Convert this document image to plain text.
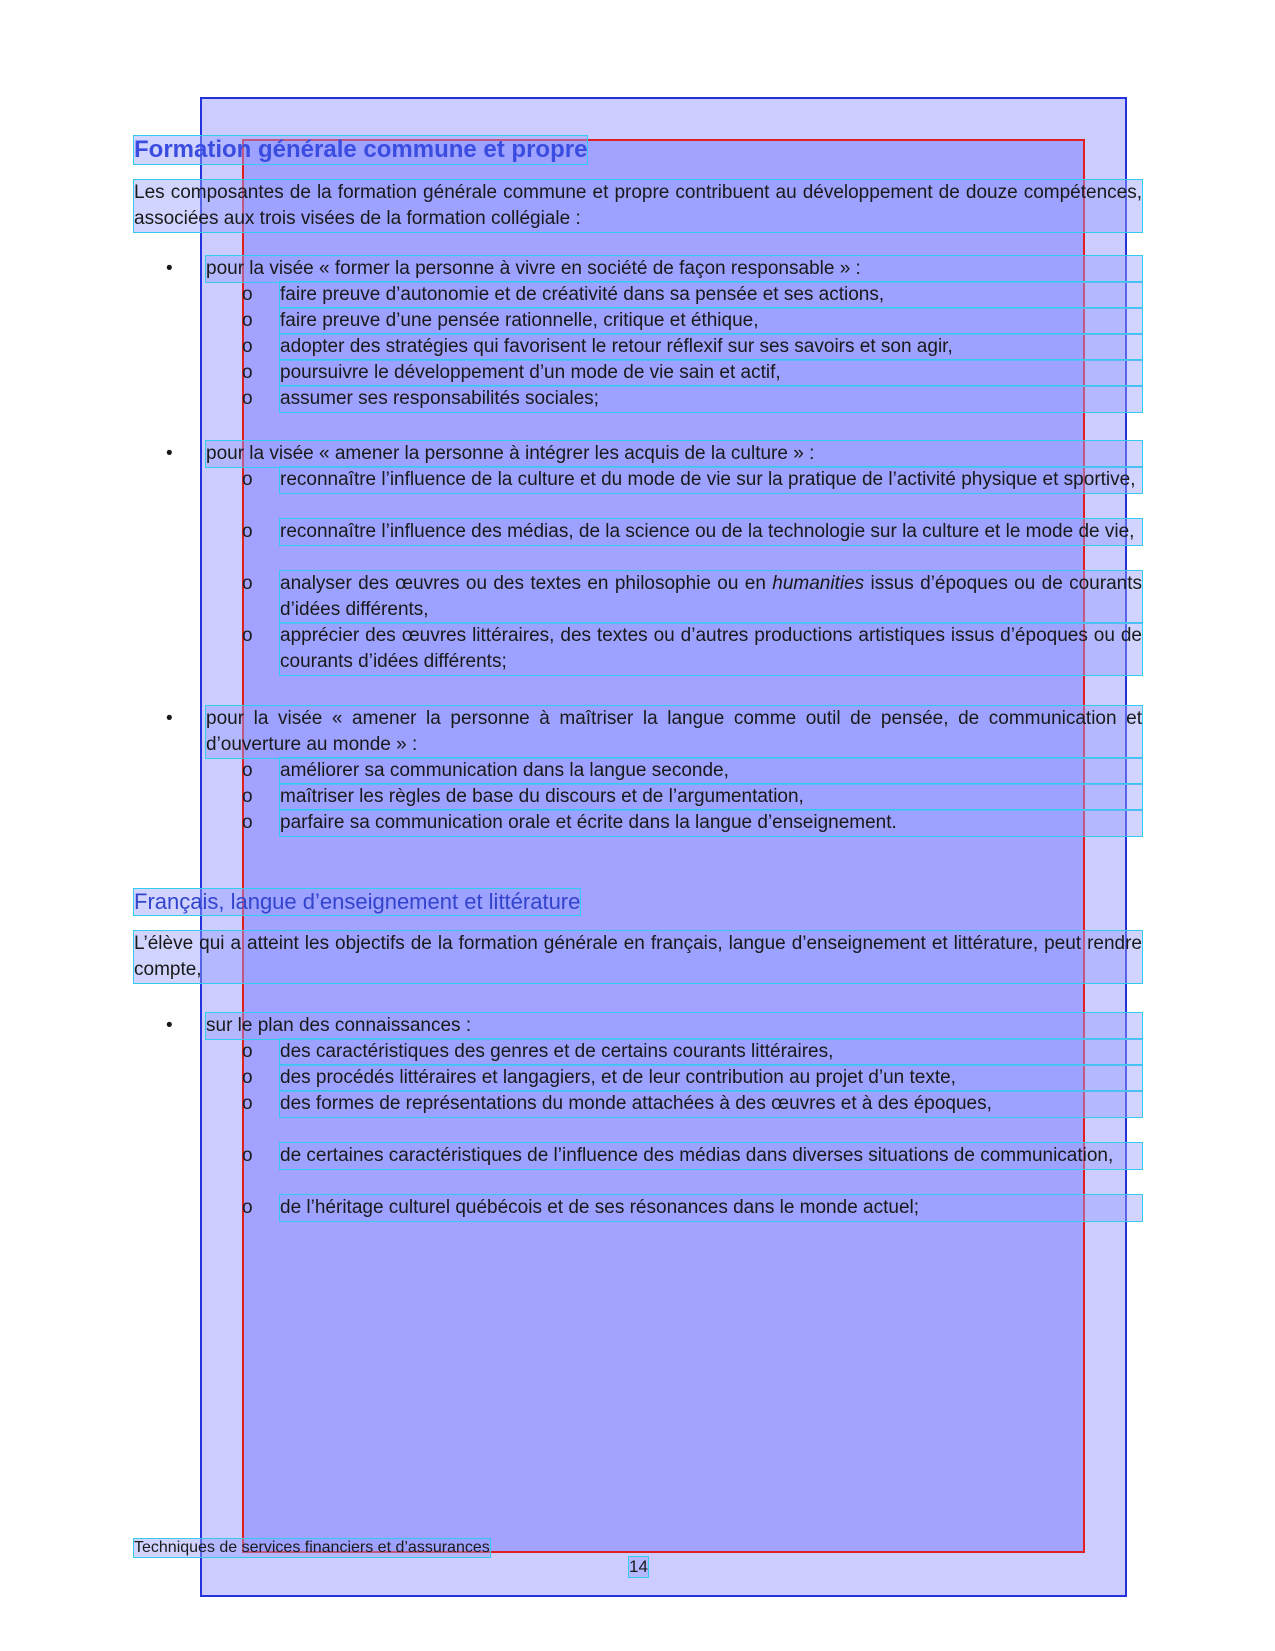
Formation générale commune et propre

Les composantes de la formation générale commune et propre contribuent au développement de douze compétences, associées aux trois visées de la formation collégiale :

• pour la visée « former la personne à vivre en société de façon responsable » :
o faire preuve d’autonomie et de créativité dans sa pensée et ses actions,
o faire preuve d’une pensée rationnelle, critique et éthique,
o adopter des stratégies qui favorisent le retour réflexif sur ses savoirs et son agir,
o poursuivre le développement d’un mode de vie sain et actif,
o assumer ses responsabilités sociales;
• pour la visée « amener la personne à intégrer les acquis de la culture » :
o reconnaître l’influence de la culture et du mode de vie sur la pratique de l’activité physique et sportive,
o reconnaître l’influence des médias, de la science ou de la technologie sur la culture et le mode de vie,
o analyser des œuvres ou des textes en philosophie ou en humanities issus d’époques ou de courants d’idées différents,
o apprécier des œuvres littéraires, des textes ou d’autres productions artistiques issus d’époques ou de courants d’idées différents;
• pour la visée « amener la personne à maîtriser la langue comme outil de pensée, de communication et d’ouverture au monde » :
o améliorer sa communication dans la langue seconde,
o maîtriser les règles de base du discours et de l’argumentation,
o parfaire sa communication orale et écrite dans la langue d’enseignement.
Français, langue d’enseignement et littérature

L’élève qui a atteint les objectifs de la formation générale en français, langue d’enseignement et littérature, peut rendre compte,

• sur le plan des connaissances :
o des caractéristiques des genres et de certains courants littéraires,
o des procédés littéraires et langagiers, et de leur contribution au projet d’un texte,
o des formes de représentations du monde attachées à des œuvres et à des époques,
o de certaines caractéristiques de l’influence des médias dans diverses situations de communication,
o de l’héritage culturel québécois et de ses résonances dans le monde actuel;
Techniques de services financiers et d’assurances
14
